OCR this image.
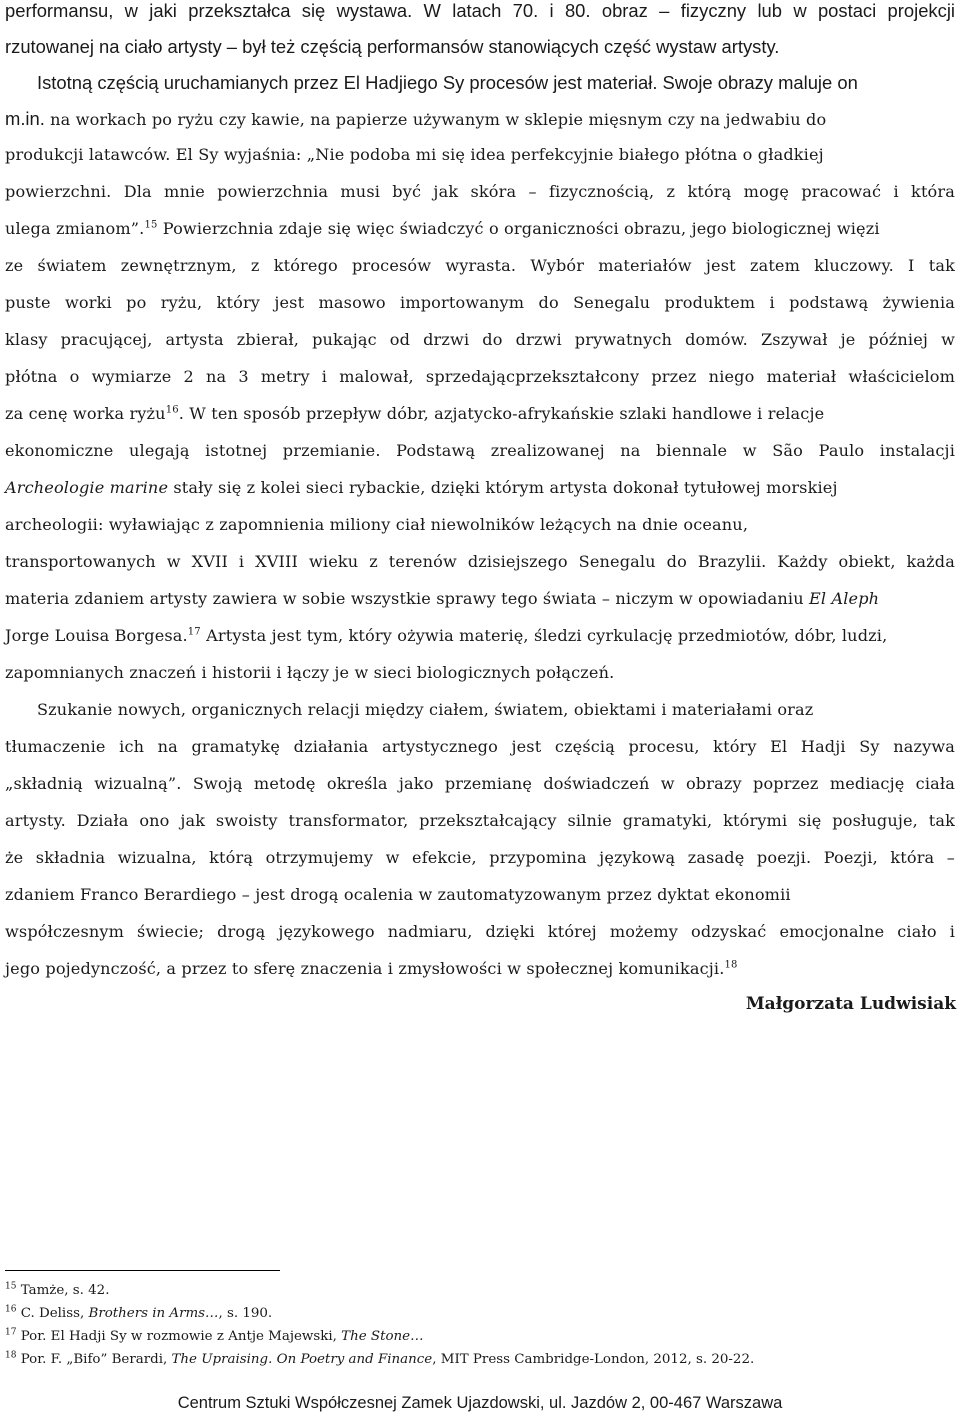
performansu, w jaki przekształca się wystawa. W latach 70. i 80. obraz – fizyczny lub w postaci projekcji
rzutowanej na ciało artysty – był też częścią performansów stanowiących część wystaw artysty.
Istotną częścią uruchamianych przez El Hadjiego Sy procesów jest materiał. Swoje obrazy maluje on
m.in. na workach po ryżu czy kawie, na papierze używanym w sklepie mięsnym czy na jedwabiu do
produkcji latawców. El Sy wyjaśnia: „Nie podoba mi się idea perfekcyjnie białego płótna o gładkiej
powierzchni. Dla mnie powierzchnia musi być jak skóra – fizycznością, z którą mogę pracować i która
ulega zmianom”.$^{15}$ Powierzchnia zdaje się więc świadczyć o organiczności obrazu, jego biologicznej więzi
ze światem zewnętrznym, z którego procesów wyrasta. Wybór materiałów jest zatem kluczowy. I tak
puste worki po ryżu, który jest masowo importowanym do Senegalu produktem i podstawą żywienia
klasy pracującej, artysta zbierał, pukając od drzwi do drzwi prywatnych domów. Zszywał je później w
płótna o wymiarze 2 na 3 metry i malował, sprzedającprzekształcony przez niego materiał właścicielom
za cenę worka ryżu$^{16}$. W ten sposób przepływ dóbr, azjatycko-afrykańskie szlaki handlowe i relacje
ekonomiczne ulegają istotnej przemianie. Podstawą zrealizowanej na biennale w São Paulo instalacji
Archeologie marine stały się z kolei sieci rybackie, dzięki którym artysta dokonał tytułowej morskiej
archeologii: wyławiając z zapomnienia miliony ciał niewolników leżących na dnie oceanu,
transportowanych w XVII i XVIII wieku z terenów dzisiejszego Senegalu do Brazylii. Każdy obiekt, każda
materia zdaniem artysty zawiera w sobie wszystkie sprawy tego świata – niczym w opowiadaniu El Aleph
Jorge Louisa Borgesa.$^{17}$ Artysta jest tym, który ożywia materię, śledzi cyrkulację przedmiotów, dóbr, ludzi,
zapomnianych znaczeń i historii i łączy je w sieci biologicznych połączeń.
Szukanie nowych, organicznych relacji między ciałem, światem, obiektami i materiałami oraz
tłumaczenie ich na gramatykę działania artystycznego jest częścią procesu, który El Hadji Sy nazywa
„składnią wizualną”. Swoją metodę określa jako przemianę doświadczeń w obrazy poprzez mediację ciała
artysty. Działa ono jak swoisty transformator, przekształcający silnie gramatyki, którymi się posługuje, tak
że składnia wizualna, którą otrzymujemy w efekcie, przypomina językową zasadę poezji. Poezji, która –
zdaniem Franco Berardiego – jest drogą ocalenia w zautomatyzowanym przez dyktat ekonomii
współczesnym świecie; drogą językowego nadmiaru, dzięki której możemy odzyskać emocjonalne ciało i
jego pojedynczość, a przez to sferę znaczenia i zmysłowości w społecznej komunikacji.$^{18}$
Małgorzata Ludwisiak
$^{15}$ Tamże, s. 42.
$^{16}$ C. Deliss, Brothers in Arms…, s. 190.
$^{17}$ Por. El Hadji Sy w rozmowie z Antje Majewski, The Stone…
$^{18}$ Por. F. „Bifo” Berardi, The Upraising. On Poetry and Finance, MIT Press Cambridge-London, 2012, s. 20-22.
Centrum Sztuki Współczesnej Zamek Ujazdowski, ul. Jazdów 2, 00-467 Warszawa
